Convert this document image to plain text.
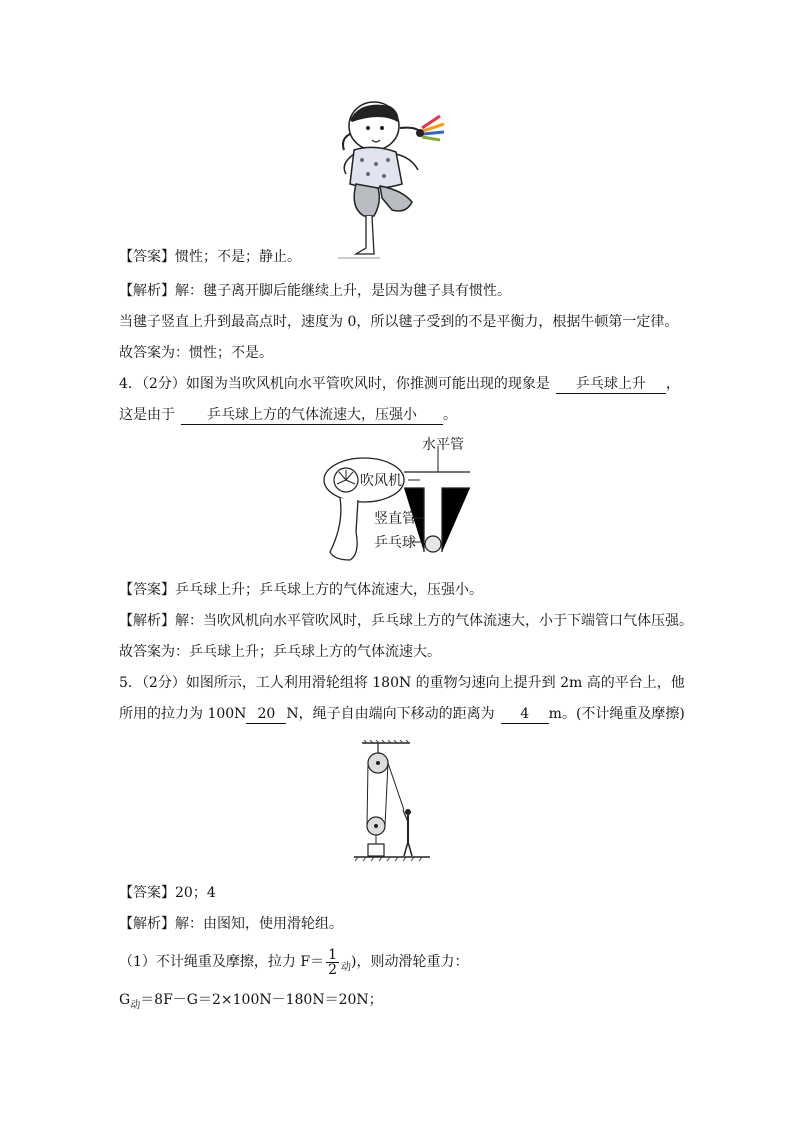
【答案】惯性；不是；静止。
【解析】解：毽子离开脚后能继续上升，是因为毽子具有惯性。
当毽子竖直上升到最高点时，速度为 0，所以毽子受到的不是平衡力，根据牛顿第一定律。
故答案为：惯性；不是。
4．（2分）如图为当吹风机向水平管吹风时，你推测可能出现的现象是 乒乓球上升 ，
这是由于 乒乓球上方的气体流速大，压强小 。
水平管
吹风机
竖直管
乒乓球
【答案】乒乓球上升；乒乓球上方的气体流速大，压强小。
【解析】解：当吹风机向水平管吹风时，乒乓球上方的气体流速大，小于下端管口气体压强。
故答案为：乒乓球上升；乒乓球上方的气体流速大。
5．（2分）如图所示，工人利用滑轮组将 180N 的重物匀速向上提升到 2m 高的平台上，他
所用的拉力为 100N 20 N，绳子自由端向下移动的距离为 4 m。(不计绳重及摩擦)
【答案】20；4
【解析】解：由图知，使用滑轮组。
（1）不计绳重及摩擦，拉力 $F= \frac{1}{2} _动$)，则动滑轮重力：
$G_动=8F-G=2\times 100N-180N=20N$；
